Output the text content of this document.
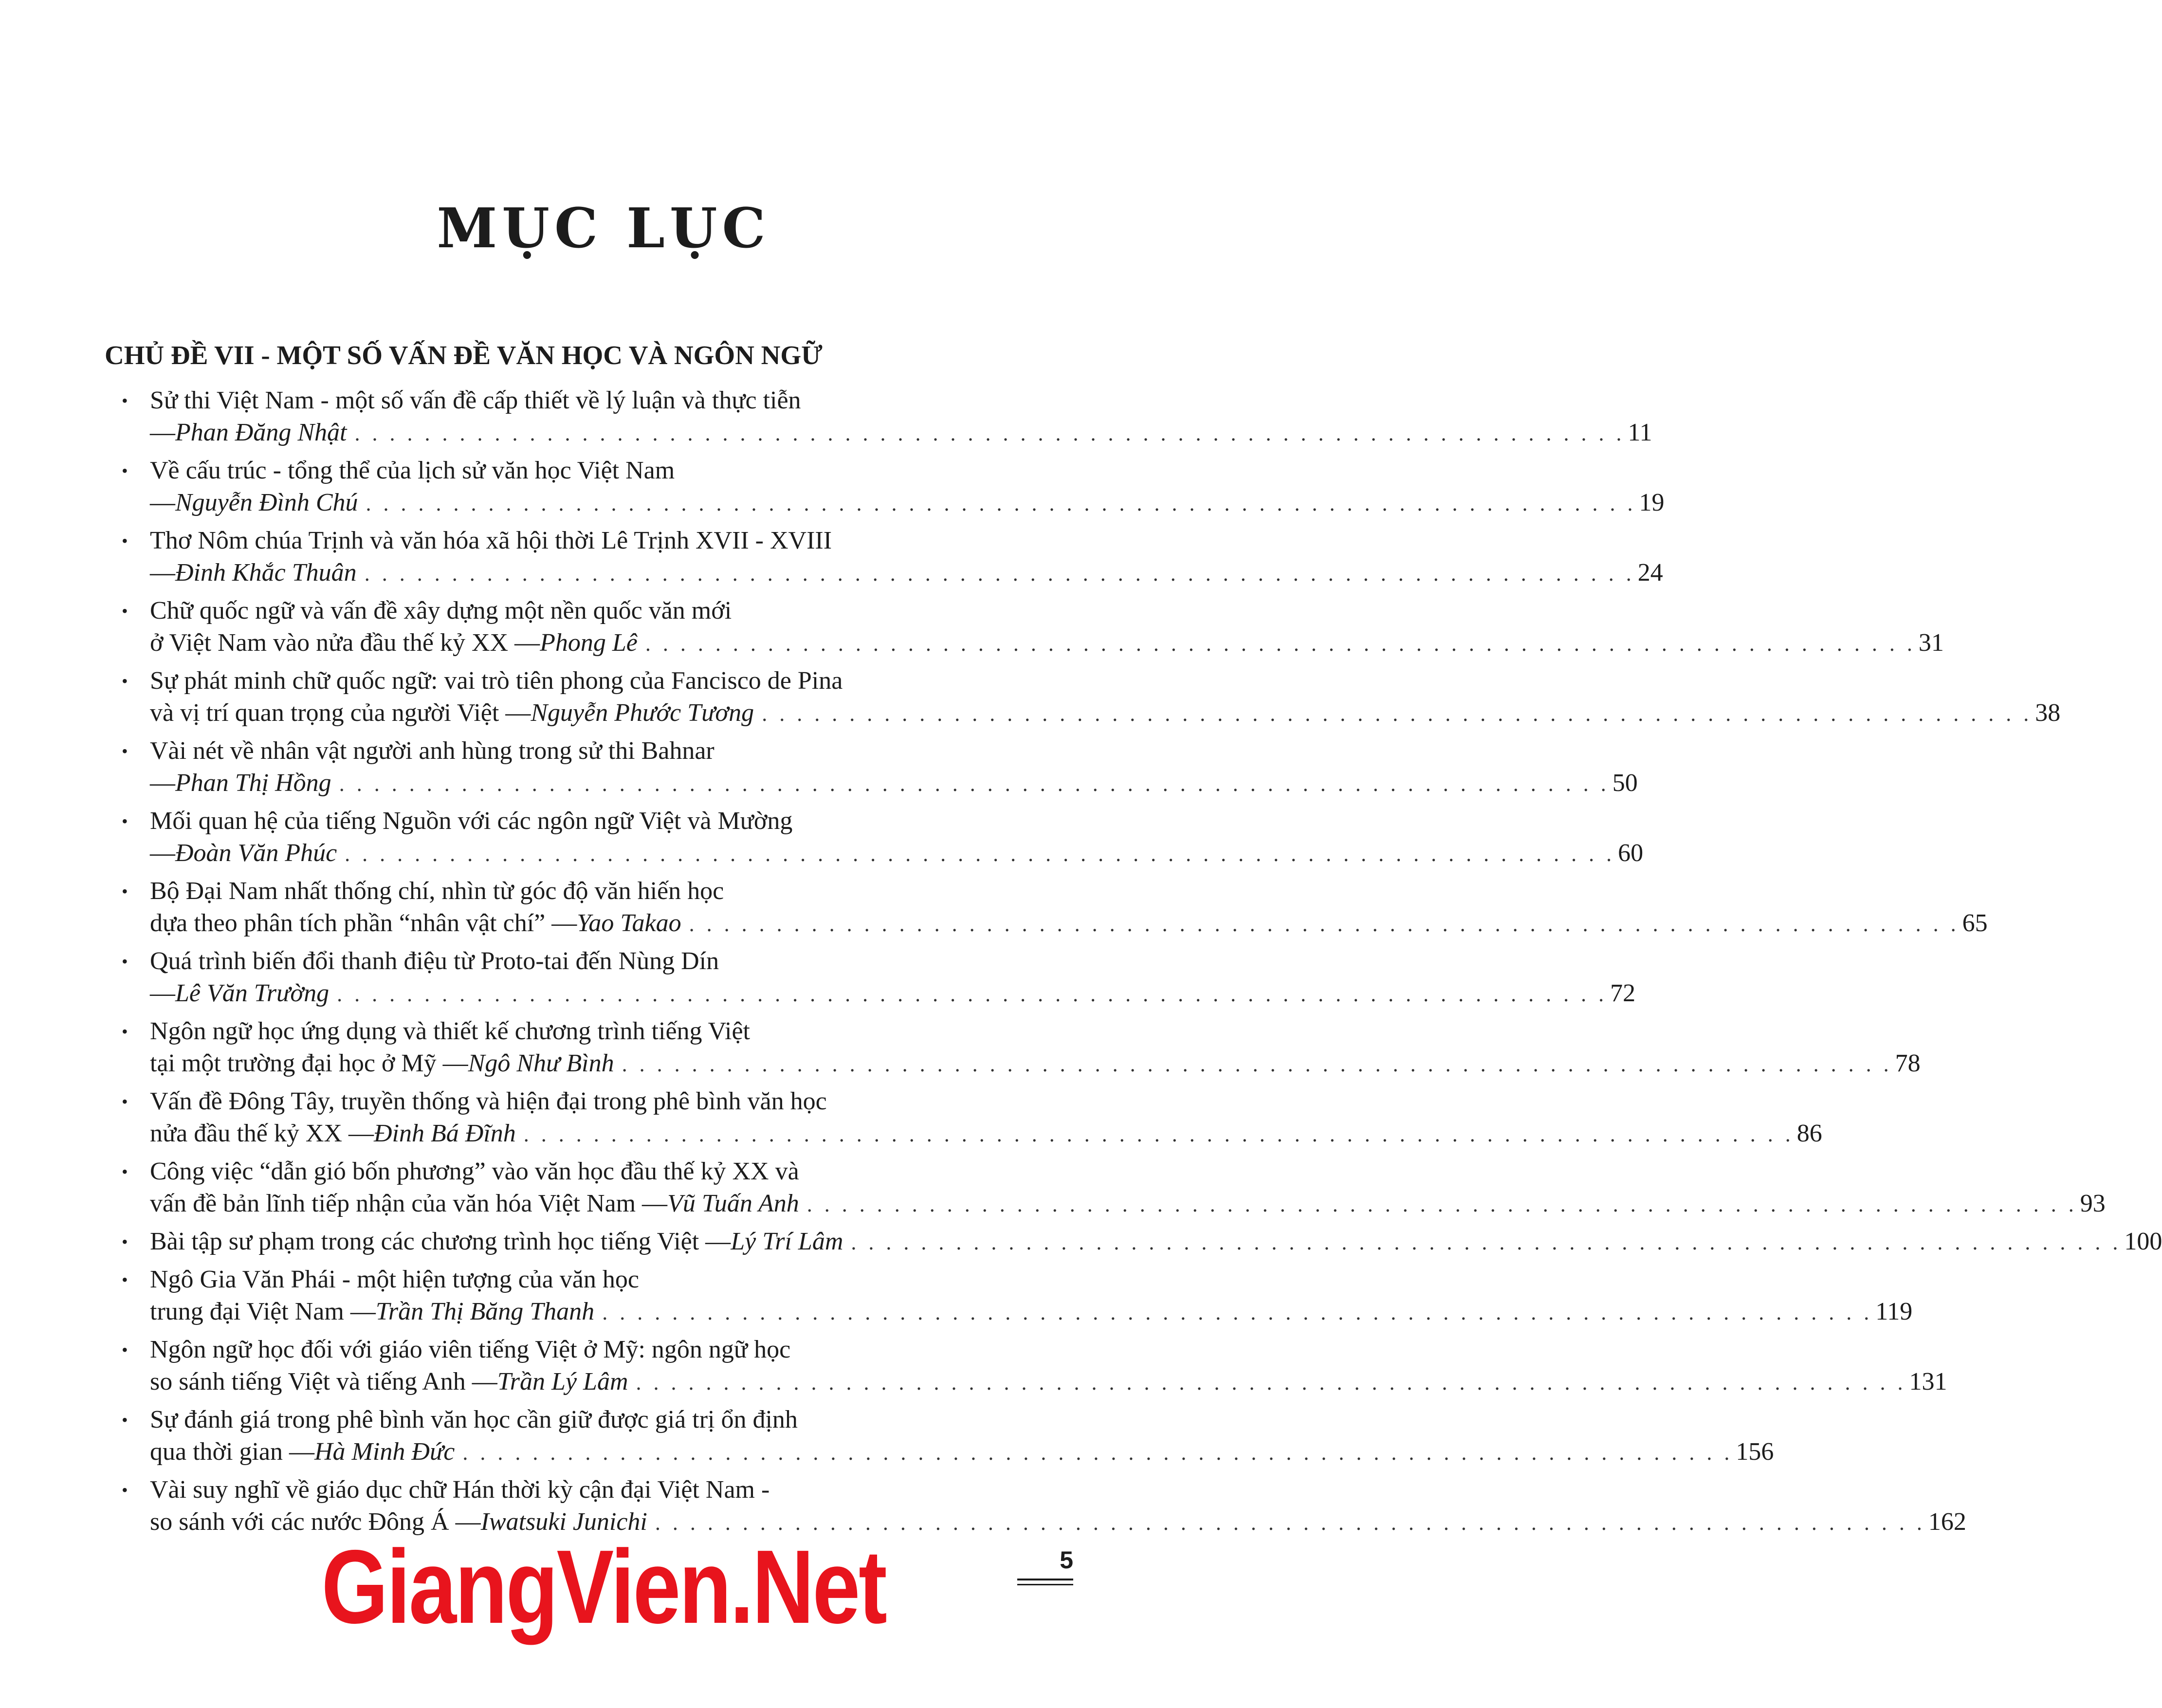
MỤC LỤC
CHỦ ĐỀ VII - MỘT SỐ VẤN ĐỀ VĂN HỌC VÀ NGÔN NGỮ
• Sử thi Việt Nam - một số vấn đề cấp thiết về lý luận và thực tiễn
— Phan Đăng Nhật . . . . . . . . . . . . . . . . . . . . . . . . . . . . . . . . . . . . . . . . . . . . . . . . . . . . . . . . . . . . . . . . . . . . . . . . . 11
• Về cấu trúc - tổng thể của lịch sử văn học Việt Nam
— Nguyễn Đình Chú . . . . . . . . . . . . . . . . . . . . . . . . . . . . . . . . . . . . . . . . . . . . . . . . . . . . . . . . . . . . . . . . . . . . . . . . . 19
• Thơ Nôm chúa Trịnh và văn hóa xã hội thời Lê Trịnh XVII - XVIII
— Đinh Khắc Thuân . . . . . . . . . . . . . . . . . . . . . . . . . . . . . . . . . . . . . . . . . . . . . . . . . . . . . . . . . . . . . . . . . . . . . . . . . 24
• Chữ quốc ngữ và vấn đề xây dựng một nền quốc văn mới
ở Việt Nam vào nửa đầu thế kỷ XX — Phong Lê . . . . . . . . . . . . . . . . . . . . . . . . . . . . . . . . . . . . . . . . . . . . . . . . . . . . . . . . . . . . . . . . . . . . . . . . . 31
• Sự phát minh chữ quốc ngữ: vai trò tiên phong của Fancisco de Pina
và vị trí quan trọng của người Việt — Nguyễn Phước Tương . . . . . . . . . . . . . . . . . . . . . . . . . . . . . . . . . . . . . . . . . . . . . . . . . . . . . . . . . . . . . . . . . . . . . . . . . 38
• Vài nét về nhân vật người anh hùng trong sử thi Bahnar
— Phan Thị Hồng . . . . . . . . . . . . . . . . . . . . . . . . . . . . . . . . . . . . . . . . . . . . . . . . . . . . . . . . . . . . . . . . . . . . . . . . . 50
• Mối quan hệ của tiếng Nguồn với các ngôn ngữ Việt và Mường
— Đoàn Văn Phúc . . . . . . . . . . . . . . . . . . . . . . . . . . . . . . . . . . . . . . . . . . . . . . . . . . . . . . . . . . . . . . . . . . . . . . . . . 60
• Bộ Đại Nam nhất thống chí, nhìn từ góc độ văn hiến học
dựa theo phân tích phần “nhân vật chí” — Yao Takao . . . . . . . . . . . . . . . . . . . . . . . . . . . . . . . . . . . . . . . . . . . . . . . . . . . . . . . . . . . . . . . . . . . . . . . . . 65
• Quá trình biến đổi thanh điệu từ Proto-tai đến Nùng Dín
— Lê Văn Trường . . . . . . . . . . . . . . . . . . . . . . . . . . . . . . . . . . . . . . . . . . . . . . . . . . . . . . . . . . . . . . . . . . . . . . . . . 72
• Ngôn ngữ học ứng dụng và thiết kế chương trình tiếng Việt
tại một trường đại học ở Mỹ — Ngô Như Bình . . . . . . . . . . . . . . . . . . . . . . . . . . . . . . . . . . . . . . . . . . . . . . . . . . . . . . . . . . . . . . . . . . . . . . . . . 78
• Vấn đề Đông Tây, truyền thống và hiện đại trong phê bình văn học
nửa đầu thế kỷ XX — Đinh Bá Đĩnh . . . . . . . . . . . . . . . . . . . . . . . . . . . . . . . . . . . . . . . . . . . . . . . . . . . . . . . . . . . . . . . . . . . . . . . . . 86
• Công việc “dẫn gió bốn phương” vào văn học đầu thế kỷ XX và
vấn đề bản lĩnh tiếp nhận của văn hóa Việt Nam — Vũ Tuấn Anh . . . . . . . . . . . . . . . . . . . . . . . . . . . . . . . . . . . . . . . . . . . . . . . . . . . . . . . . . . . . . . . . . . . . . . . . . 93
• Bài tập sư phạm trong các chương trình học tiếng Việt — Lý Trí Lâm . . . . . . . . . . . . . . . . . . . . . . . . . . . . . . . . . . . . . . . . . . . . . . . . . . . . . . . . . . . . . . . . . . . . . . . . . 100
• Ngô Gia Văn Phái - một hiện tượng của văn học
trung đại Việt Nam — Trần Thị Băng Thanh . . . . . . . . . . . . . . . . . . . . . . . . . . . . . . . . . . . . . . . . . . . . . . . . . . . . . . . . . . . . . . . . . . . . . . . . . 119
• Ngôn ngữ học đối với giáo viên tiếng Việt ở Mỹ: ngôn ngữ học
so sánh tiếng Việt và tiếng Anh — Trần Lý Lâm . . . . . . . . . . . . . . . . . . . . . . . . . . . . . . . . . . . . . . . . . . . . . . . . . . . . . . . . . . . . . . . . . . . . . . . . . 131
• Sự đánh giá trong phê bình văn học cần giữ được giá trị ổn định
qua thời gian — Hà Minh Đức . . . . . . . . . . . . . . . . . . . . . . . . . . . . . . . . . . . . . . . . . . . . . . . . . . . . . . . . . . . . . . . . . . . . . . . . . 156
• Vài suy nghĩ về giáo dục chữ Hán thời kỳ cận đại Việt Nam -
so sánh với các nước Đông Á — Iwatsuki Junichi . . . . . . . . . . . . . . . . . . . . . . . . . . . . . . . . . . . . . . . . . . . . . . . . . . . . . . . . . . . . . . . . . . . . . . . . . 162
5
GiangVien.Net
